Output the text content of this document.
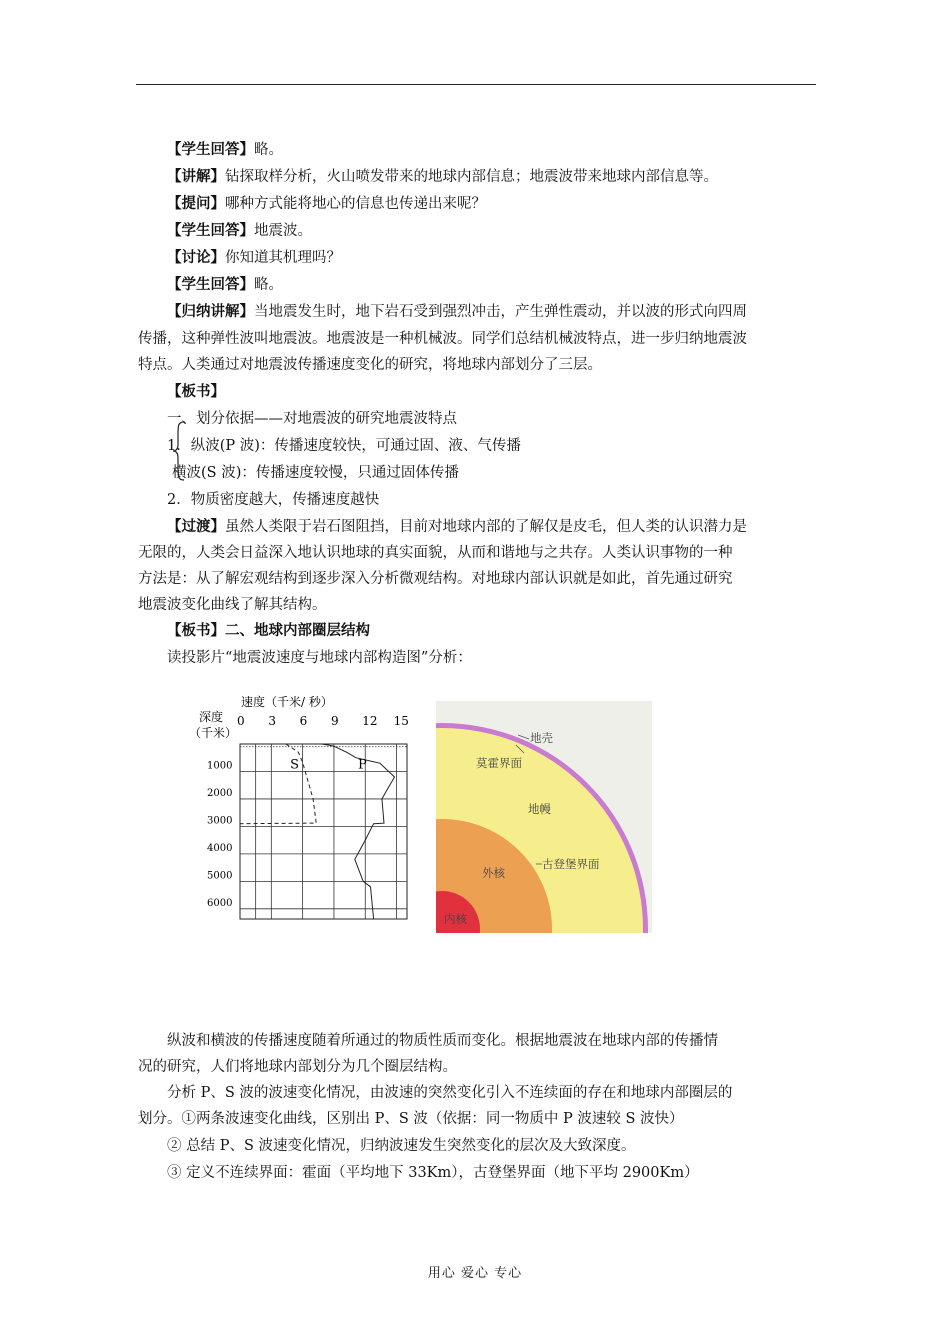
【学生回答】略。
【讲解】钻探取样分析，火山喷发带来的地球内部信息；地震波带来地球内部信息等。
【提问】哪种方式能将地心的信息也传递出来呢？
【学生回答】地震波。
【讨论】你知道其机理吗？
【学生回答】略。
【归纳讲解】当地震发生时，地下岩石受到强烈冲击，产生弹性震动，并以波的形式向四周
传播，这种弹性波叫地震波。地震波是一种机械波。同学们总结机械波特点，进一步归纳地震波
特点。人类通过对地震波传播速度变化的研究，将地球内部划分了三层。
【板书】
一、划分依据——对地震波的研究地震波特点
1．纵波(P 波)：传播速度较快，可通过固、液、气传播
横波(S 波)：传播速度较慢，只通过固体传播
2．物质密度越大，传播速度越快
【过渡】虽然人类限于岩石图阻挡，目前对地球内部的了解仅是皮毛，但人类的认识潜力是
无限的，人类会日益深入地认识地球的真实面貌，从而和谐地与之共存。人类认识事物的一种
方法是：从了解宏观结构到逐步深入分析微观结构。对地球内部认识就是如此，首先通过研究
地震波变化曲线了解其结构。
【板书】二、地球内部圈层结构
读投影片“地震波速度与地球内部构造图”分析：
速度（千米/ 秒）
深度
（千米）
0 3 6 9 12 15
1000
2000
3000
4000
5000
6000
S	P
地壳
莫霍界面
地幔
古登堡界面
外核
内核
纵波和横波的传播速度随着所通过的物质性质而变化。根据地震波在地球内部的传播情
况的研究，人们将地球内部划分为几个圈层结构。
分析 P、S 波的波速变化情况，由波速的突然变化引入不连续面的存在和地球内部圈层的
划分。①两条波速变化曲线，区别出 P、S 波（依据：同一物质中 P 波速较 S 波快）
② 总结 P、S 波速变化情况，归纳波速发生突然变化的层次及大致深度。
③ 定义不连续界面：霍面（平均地下 33Km），古登堡界面（地下平均 2900Km）
用心 爱心 专心
